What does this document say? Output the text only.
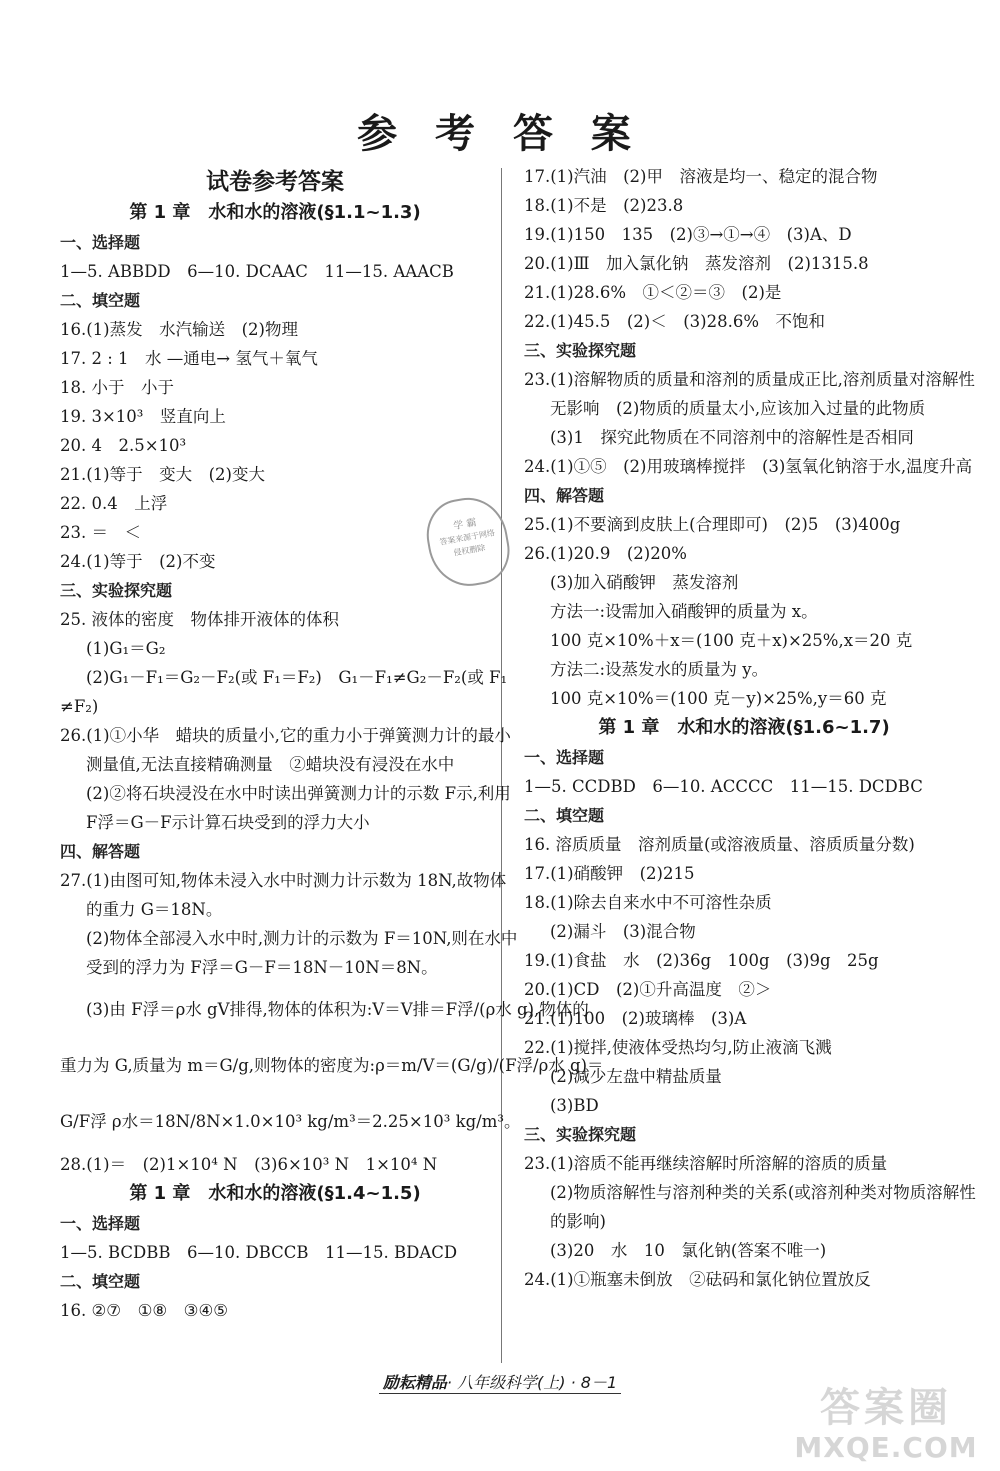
参 考 答 案
试卷参考答案
第 1 章　水和水的溶液(§1.1~1.3)
一、选择题
1—5. ABBDD　6—10. DCAAC　11—15. AAACB
二、填空题
16.(1)蒸发　水汽输送　(2)物理
17. 2 : 1　水 —通电→ 氢气＋氧气
18. 小于　小于
19. 3×10³　竖直向上
20. 4　2.5×10³
21.(1)等于　变大　(2)变大
22. 0.4　上浮
23. ＝　＜
24.(1)等于　(2)不变
三、实验探究题
25. 液体的密度　物体排开液体的体积
(1)G₁＝G₂
(2)G₁－F₁＝G₂－F₂(或 F₁＝F₂)　G₁－F₁≠G₂－F₂(或 F₁
≠F₂)
26.(1)①小华　蜡块的质量小,它的重力小于弹簧测力计的最小
测量值,无法直接精确测量　②蜡块没有浸没在水中
(2)②将石块浸没在水中时读出弹簧测力计的示数 F示,利用
F浮＝G－F示计算石块受到的浮力大小
四、解答题
27.(1)由图可知,物体未浸入水中时测力计示数为 18N,故物体
的重力 G＝18N。
(2)物体全部浸入水中时,测力计的示数为 F＝10N,则在水中
受到的浮力为 F浮＝G－F＝18N－10N＝8N。
(3)由 F浮＝ρ水 gV排得,物体的体积为:V＝V排＝F浮/(ρ水 g),物体的
重力为 G,质量为 m＝G/g,则物体的密度为:ρ＝m/V＝(G/g)/(F浮/ρ水 g)＝
G/F浮 ρ水＝18N/8N×1.0×10³ kg/m³＝2.25×10³ kg/m³。
28.(1)＝　(2)1×10⁴ N　(3)6×10³ N　1×10⁴ N
第 1 章　水和水的溶液(§1.4~1.5)
一、选择题
1—5. BCDBB　6—10. DBCCB　11—15. BDACD
二、填空题
16. ②⑦　①⑧　③④⑤
17.(1)汽油　(2)甲　溶液是均一、稳定的混合物
18.(1)不是　(2)23.8
19.(1)150　135　(2)③→①→④　(3)A、D
20.(1)Ⅲ　加入氯化钠　蒸发溶剂　(2)1315.8
21.(1)28.6%　①＜②＝③　(2)是
22.(1)45.5　(2)＜　(3)28.6%　不饱和
三、实验探究题
23.(1)溶解物质的质量和溶剂的质量成正比,溶剂质量对溶解性
无影响　(2)物质的质量太小,应该加入过量的此物质
(3)1　探究此物质在不同溶剂中的溶解性是否相同
24.(1)①⑤　(2)用玻璃棒搅拌　(3)氢氧化钠溶于水,温度升高
四、解答题
25.(1)不要滴到皮肤上(合理即可)　(2)5　(3)400g
26.(1)20.9　(2)20%
(3)加入硝酸钾　蒸发溶剂
方法一:设需加入硝酸钾的质量为 x。
100 克×10%＋x＝(100 克＋x)×25%,x＝20 克
方法二:设蒸发水的质量为 y。
100 克×10%＝(100 克－y)×25%,y＝60 克
第 1 章　水和水的溶液(§1.6~1.7)
一、选择题
1—5. CCDBD　6—10. ACCCC　11—15. DCDBC
二、填空题
16. 溶质质量　溶剂质量(或溶液质量、溶质质量分数)
17.(1)硝酸钾　(2)215
18.(1)除去自来水中不可溶性杂质
(2)漏斗　(3)混合物
19.(1)食盐　水　(2)36g　100g　(3)9g　25g
20.(1)CD　(2)①升高温度　②＞
21.(1)100　(2)玻璃棒　(3)A
22.(1)搅拌,使液体受热均匀,防止液滴飞溅
(2)减少左盘中精盐质量
(3)BD
三、实验探究题
23.(1)溶质不能再继续溶解时所溶解的溶质的质量
(2)物质溶解性与溶剂种类的关系(或溶剂种类对物质溶解性
的影响)
(3)20　水　10　氯化钠(答案不唯一)
24.(1)①瓶塞未倒放　②砝码和氯化钠位置放反
学 霸
答案来源于网络
侵权删除
励耘精品· 八年级科学(上) · 8－1
答案圈
MXQE.COM
